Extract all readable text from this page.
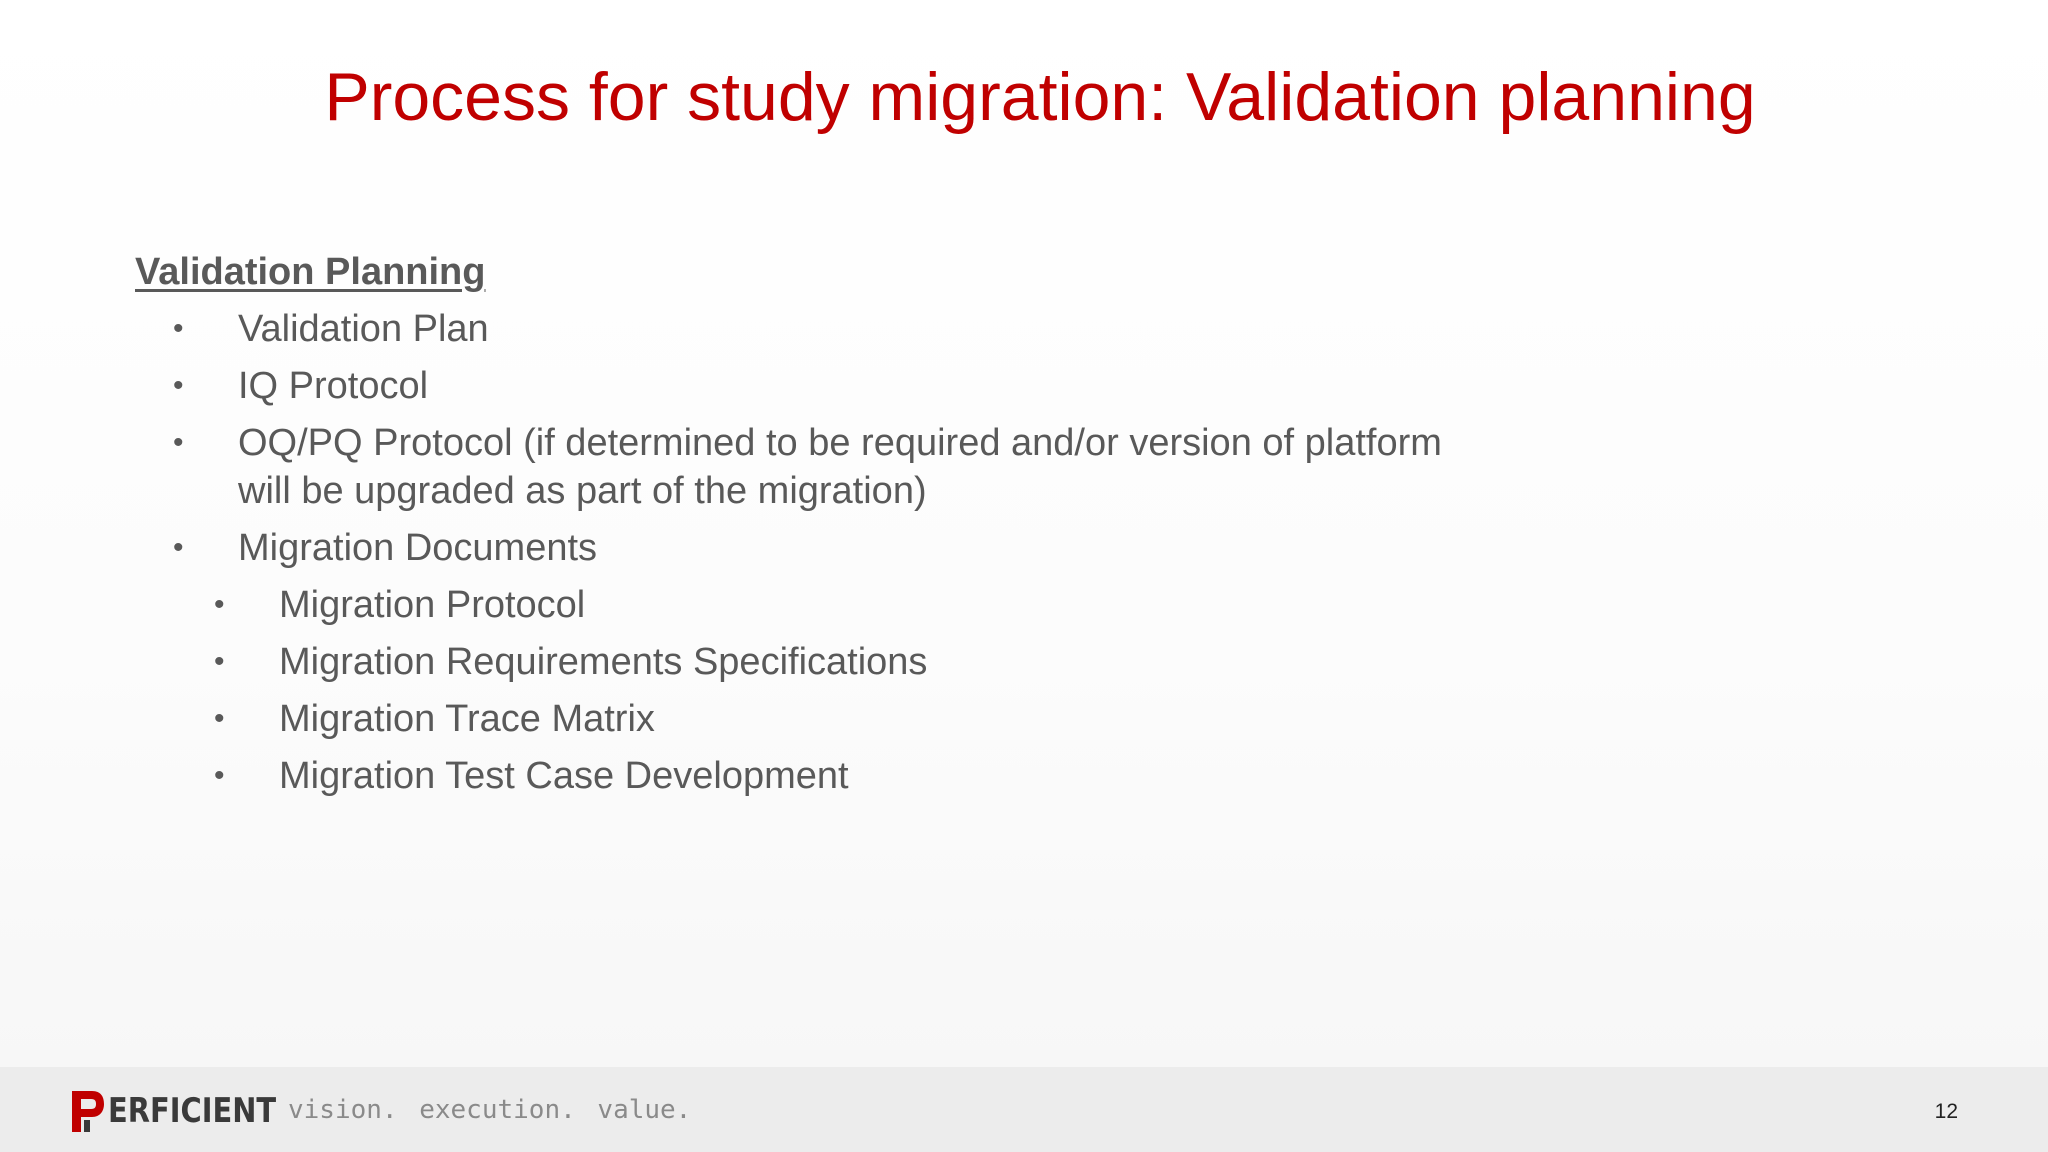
Process for study migration: Validation planning
Validation Planning
• Validation Plan
• IQ Protocol
• OQ/PQ Protocol (if determined to be required and/or version of platform will be upgraded as part of the migration)
• Migration Documents
• Migration Protocol
• Migration Requirements Specifications
• Migration Trace Matrix
• Migration Test Case Development
ERFICIENT vision. execution. value.	12
